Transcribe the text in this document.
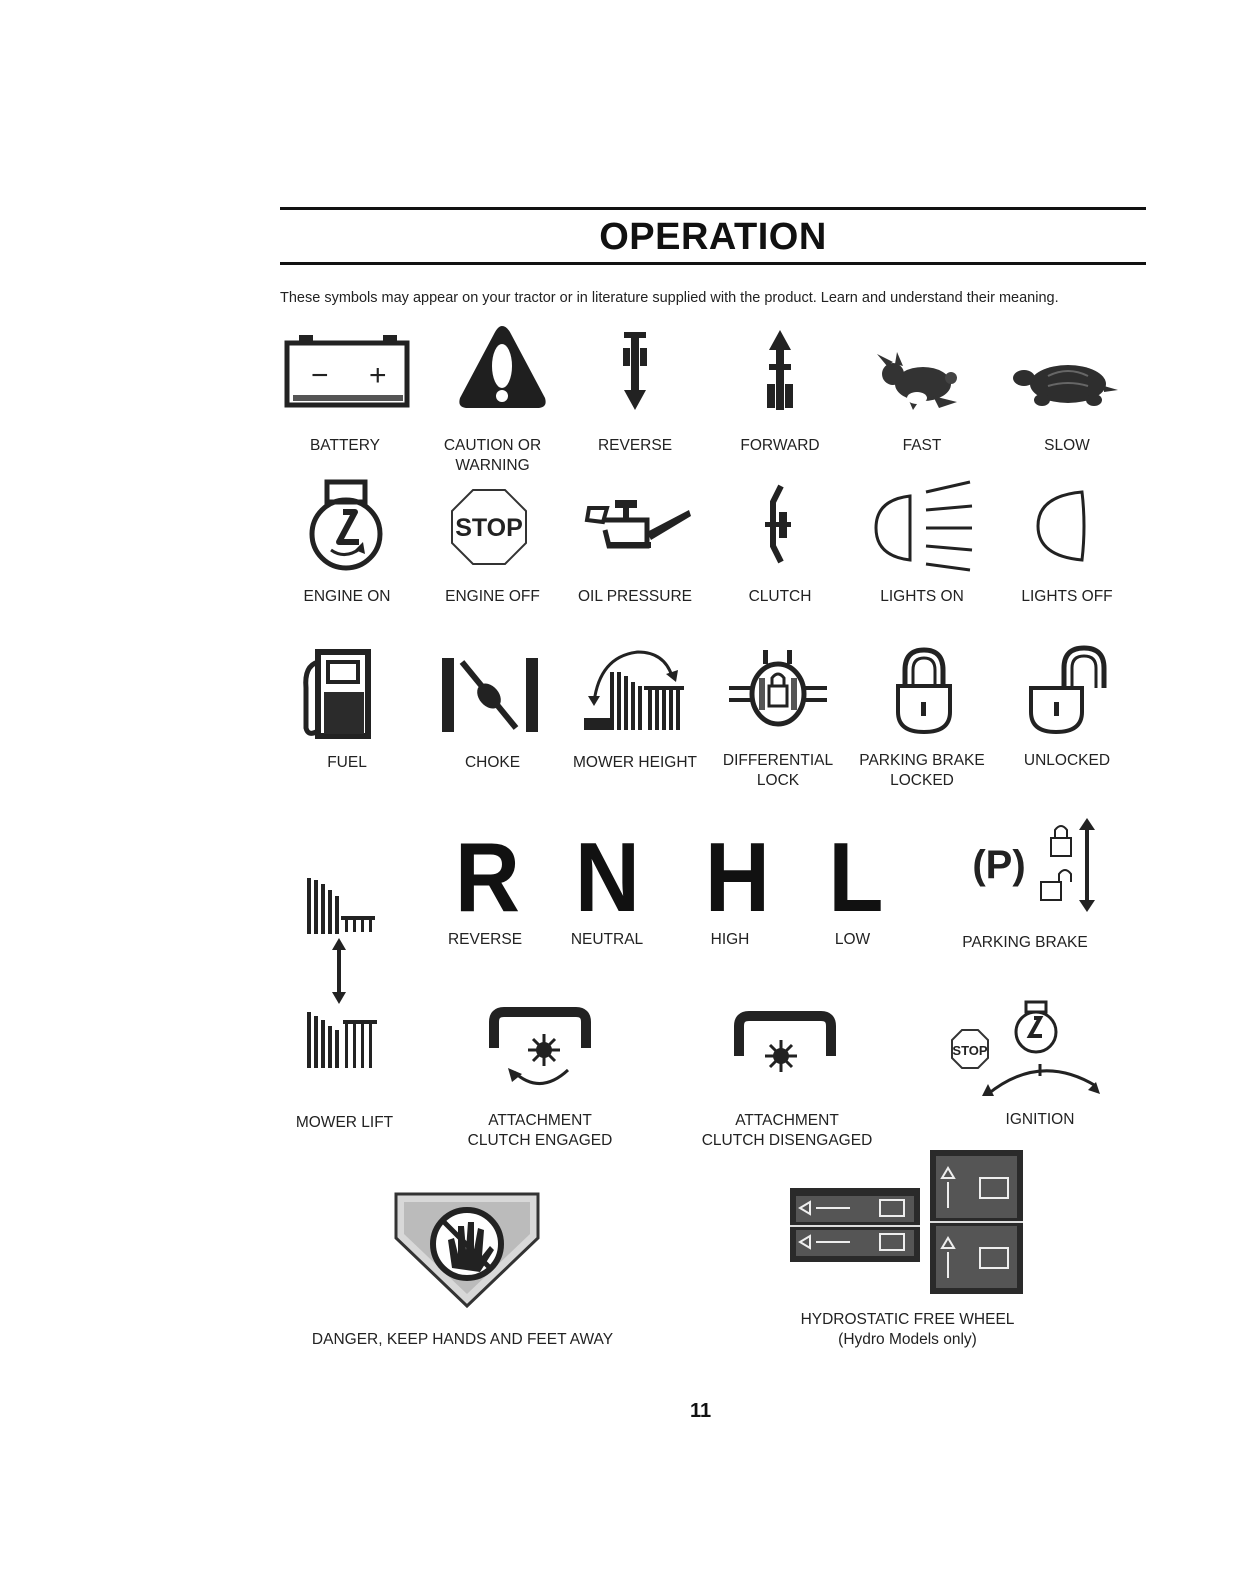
OPERATION
These symbols may appear on your tractor or in literature supplied with the product. Learn and understand their meaning.
− +
BATTERY	CAUTION OR
WARNING
REVERSE	FORWARD	FAST	SLOW
ENGINE ON
STOP
ENGINE OFF	OIL PRESSURE	CLUTCH	LIGHTS ON	LIGHTS OFF
FUEL	CHOKE	MOWER HEIGHT	DIFFERENTIAL
LOCK
PARKING BRAKE
LOCKED
UNLOCKED
R
REVERSE
N
NEUTRAL
H
HIGH
L
LOW
(P)
PARKING BRAKE
MOWER LIFT	ATTACHMENT
CLUTCH ENGAGED
ATTACHMENT
CLUTCH DISENGAGED
STOP
IGNITION
DANGER, KEEP HANDS AND FEET AWAY
HYDROSTATIC FREE WHEEL
(Hydro Models only)
11
